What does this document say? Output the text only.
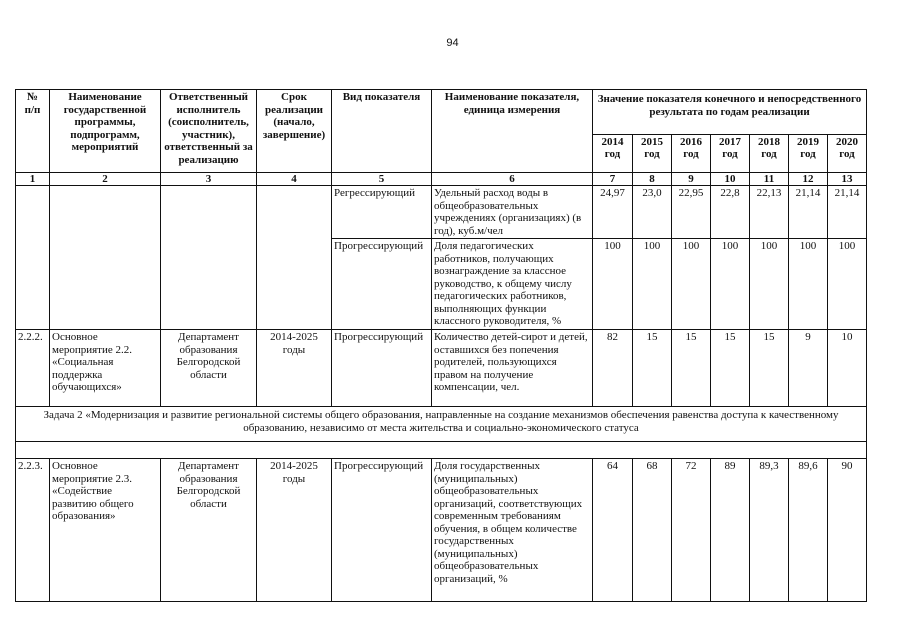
94
№
п/п	Наименование государственной программы, подпрограмм, мероприятий	Ответственный исполнитель (соисполнитель, участник), ответственный за реализацию	Срок реализации (начало, завершение)	Вид показателя	Наименование показателя, единица измерения	Значение показателя конечного и непосредственного результата по годам реализации						
						2014 год	2015 год	2016 год	2017 год	2018 год	2019 год	2020 год
1	2	3	4	5	6	7	8	9	10	11	12	13
				Регрессирующий	Удельный расход воды в общеобразовательных учреждениях (организациях) (в год), куб.м/чел	24,97	23,0	22,95	22,8	22,13	21,14	21,14
				Прогрессирующий	Доля педагогических работников, получающих вознаграждение за классное руководство, к общему числу педагогических работников, выполняющих функции классного руководителя, %	100	100	100	100	100	100	100
2.2.2.	Основное мероприятие 2.2. «Социальная поддержка обучающихся»	Департамент образования Белгородской области	2014-2025 годы	Прогрессирующий	Количество детей-сирот и детей, оставшихся без попечения родителей, пользующихся правом на получение компенсации, чел.	82	15	15	15	15	9	10
Задача 2 «Модернизация и развитие региональной системы общего образования, направленные на создание механизмов обеспечения равенства доступа к качественному образованию, независимо от места жительства и социально-экономического статуса												

2.2.3.	Основное мероприятие 2.3. «Содействие развитию общего образования»	Департамент образования Белгородской области	2014-2025 годы	Прогрессирующий	Доля государственных (муниципальных) общеобразовательных организаций, соответствующих современным требованиям обучения, в общем количестве государственных (муниципальных) общеобразовательных организаций, %	64	68	72	89	89,3	89,6	90
